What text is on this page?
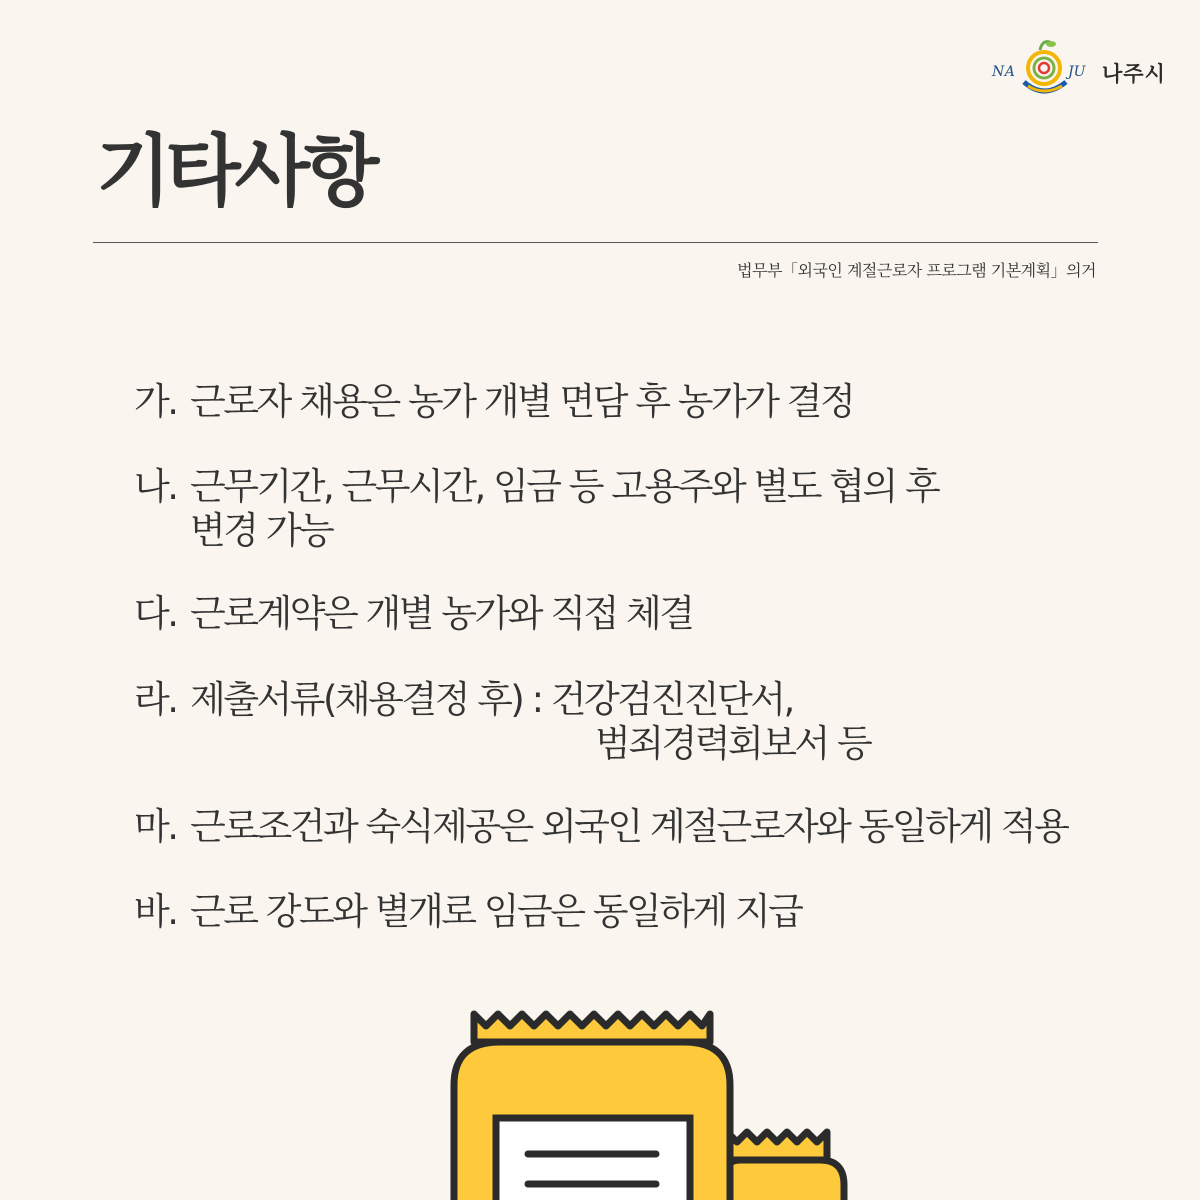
NA	JU 나주시
기타사항
법무부「외국인 계절근로자 프로그램 기본계획」의거
가. 근로자 채용은 농가 개별 면담 후 농가가 결정
나. 근무기간, 근무시간, 임금 등 고용주와 별도 협의 후
변경 가능
다. 근로계약은 개별 농가와 직접 체결
라. 제출서류(채용결정 후) : 건강검진진단서,
범죄경력회보서 등
마. 근로조건과 숙식제공은 외국인 계절근로자와 동일하게 적용
바. 근로 강도와 별개로 임금은 동일하게 지급
